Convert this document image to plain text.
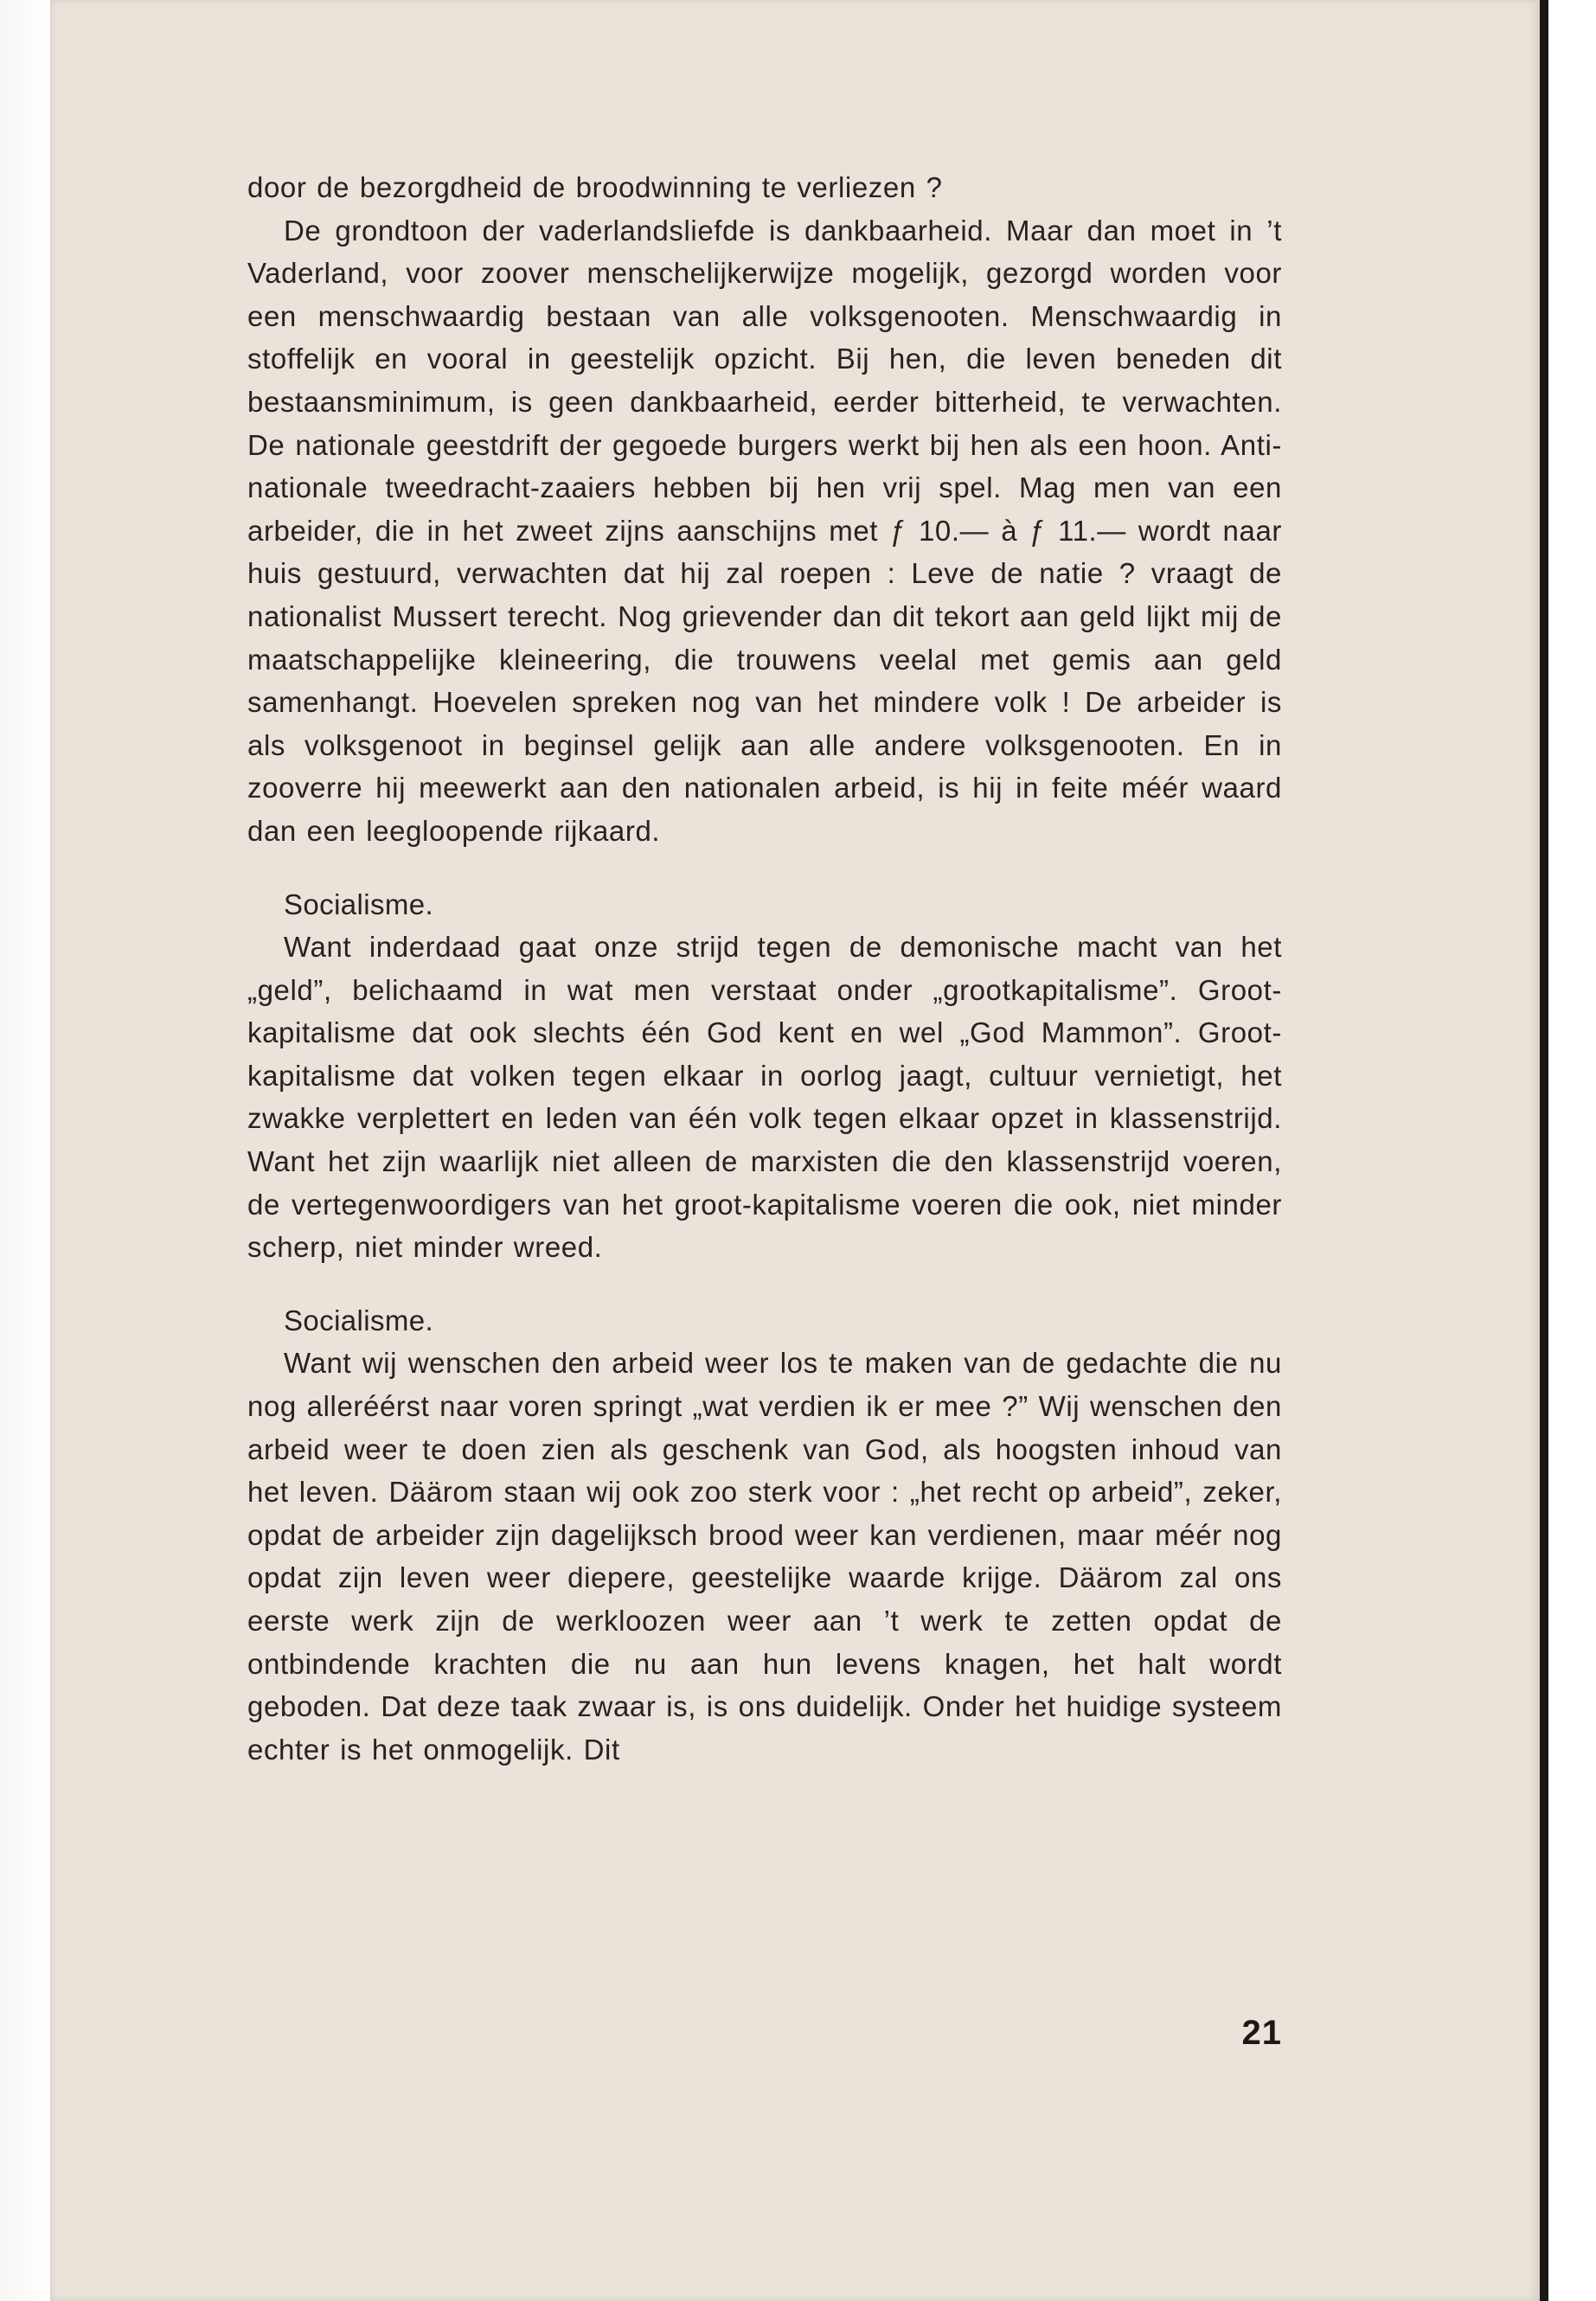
door de bezorgdheid de broodwinning te verliezen ?

De grondtoon der vaderlandsliefde is dankbaarheid. Maar dan moet in ’t Vaderland, voor zoover menschelijkerwijze mogelijk, gezorgd worden voor een menschwaardig bestaan van alle volksgenooten. Menschwaardig in stoffelijk en vooral in geestelijk opzicht. Bij hen, die leven beneden dit bestaansminimum, is geen dankbaarheid, eerder bitterheid, te verwachten. De nationale geestdrift der gegoede burgers werkt bij hen als een hoon. Anti-nationale tweedracht-zaaiers hebben bij hen vrij spel. Mag men van een arbeider, die in het zweet zijns aanschijns met ƒ 10.— à ƒ 11.— wordt naar huis gestuurd, verwachten dat hij zal roepen : Leve de natie ? vraagt de nationalist Mussert terecht. Nog grievender dan dit tekort aan geld lijkt mij de maatschappelijke kleineering, die trouwens veelal met gemis aan geld samenhangt. Hoevelen spreken nog van het mindere volk ! De arbeider is als volksgenoot in beginsel gelijk aan alle andere volksgenooten. En in zooverre hij meewerkt aan den nationalen arbeid, is hij in feite méér waard dan een leegloopende rijkaard.

Socialisme.

Want inderdaad gaat onze strijd tegen de demonische macht van het „geld”, belichaamd in wat men verstaat onder „grootkapitalisme”. Groot-kapitalisme dat ook slechts één God kent en wel „God Mammon”. Groot-kapitalisme dat volken tegen elkaar in oorlog jaagt, cultuur vernietigt, het zwakke verplettert en leden van één volk tegen elkaar opzet in klassenstrijd. Want het zijn waarlijk niet alleen de marxisten die den klassenstrijd voeren, de vertegenwoordigers van het groot-kapitalisme voeren die ook, niet minder scherp, niet minder wreed.

Socialisme.

Want wij wenschen den arbeid weer los te maken van de gedachte die nu nog alleréérst naar voren springt „wat verdien ik er mee ?” Wij wenschen den arbeid weer te doen zien als geschenk van God, als hoogsten inhoud van het leven. Däärom staan wij ook zoo sterk voor : „het recht op arbeid”, zeker, opdat de arbeider zijn dagelijksch brood weer kan verdienen, maar méér nog opdat zijn leven weer diepere, geestelijke waarde krijge. Däärom zal ons eerste werk zijn de werkloozen weer aan ’t werk te zetten opdat de ontbindende krachten die nu aan hun levens knagen, het halt wordt geboden. Dat deze taak zwaar is, is ons duidelijk. Onder het huidige systeem echter is het onmogelijk. Dit

21
